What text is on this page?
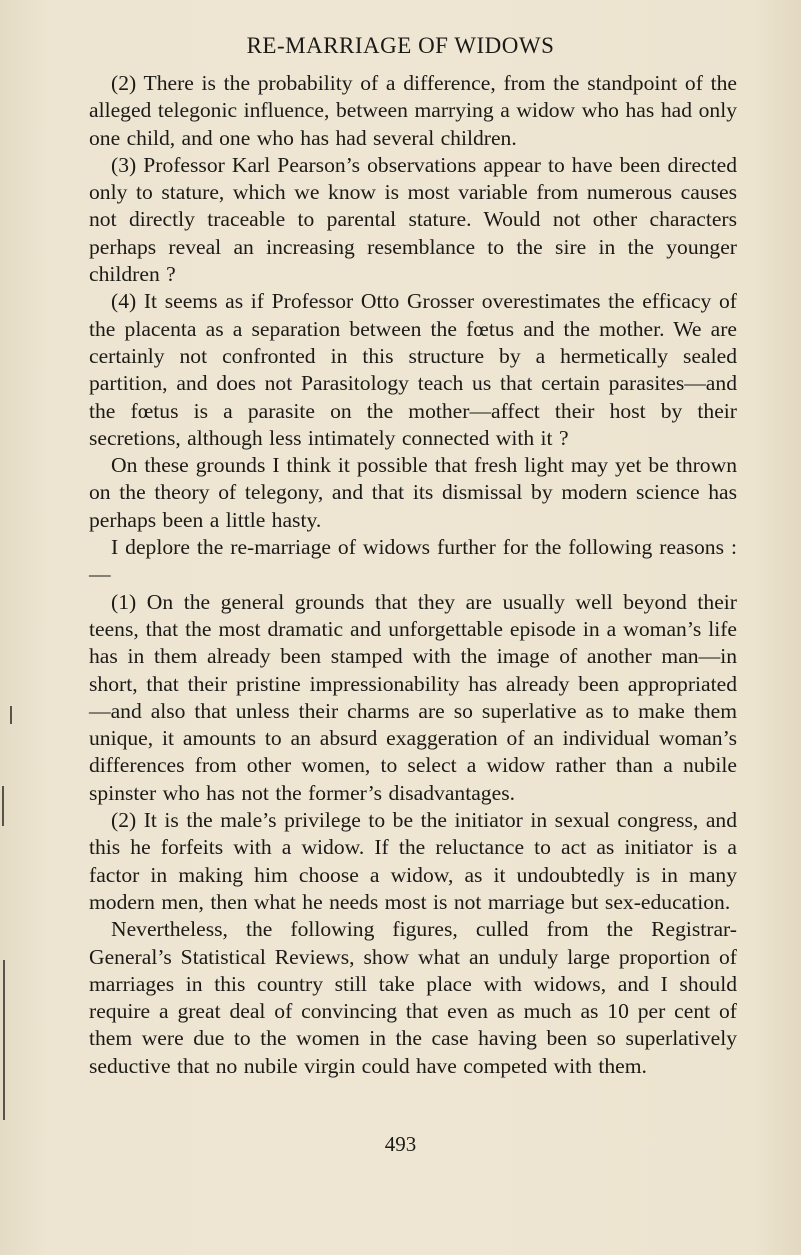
RE-MARRIAGE OF WIDOWS

(2) There is the probability of a difference, from the standpoint of the alleged telegonic influence, between marrying a widow who has had only one child, and one who has had several children.

(3) Professor Karl Pearson’s observations appear to have been directed only to stature, which we know is most variable from numerous causes not directly traceable to parental stature. Would not other characters perhaps reveal an increasing resemblance to the sire in the younger children ?

(4) It seems as if Professor Otto Grosser overestimates the efficacy of the placenta as a separation between the fœtus and the mother. We are certainly not confronted in this structure by a hermetically sealed partition, and does not Parasitology teach us that certain parasites—and the fœtus is a parasite on the mother—affect their host by their secretions, although less intimately connected with it ?

On these grounds I think it possible that fresh light may yet be thrown on the theory of telegony, and that its dismissal by modern science has perhaps been a little hasty.

I deplore the re-marriage of widows further for the following reasons :—

(1) On the general grounds that they are usually well beyond their teens, that the most dramatic and unforgettable episode in a woman’s life has in them already been stamped with the image of another man—in short, that their pristine impressionability has already been appropriated—and also that unless their charms are so superlative as to make them unique, it amounts to an absurd exaggeration of an individual woman’s differences from other women, to select a widow rather than a nubile spinster who has not the former’s disadvantages.

(2) It is the male’s privilege to be the initiator in sexual congress, and this he forfeits with a widow. If the reluctance to act as initiator is a factor in making him choose a widow, as it undoubtedly is in many modern men, then what he needs most is not marriage but sex-education.

Nevertheless, the following figures, culled from the Registrar-General’s Statistical Reviews, show what an unduly large proportion of marriages in this country still take place with widows, and I should require a great deal of convincing that even as much as 10 per cent of them were due to the women in the case having been so superlatively seductive that no nubile virgin could have competed with them.

493
